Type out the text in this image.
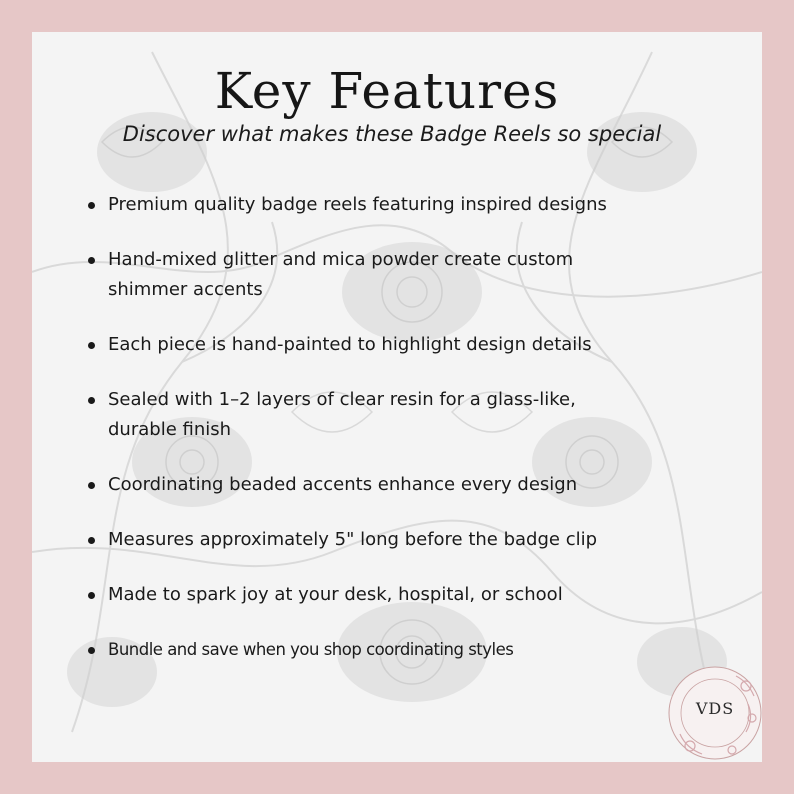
Key Features
Discover what makes these Badge Reels so special
Premium quality badge reels featuring inspired designs
Hand-mixed glitter and mica powder create custom
shimmer accents
Each piece is hand-painted to highlight design details
Sealed with 1–2 layers of clear resin for a glass-like,
durable finish
Coordinating beaded accents enhance every design
Measures approximately 5" long before the badge clip
Made to spark joy at your desk, hospital, or school
Bundle and save when you shop coordinating styles
VDS
